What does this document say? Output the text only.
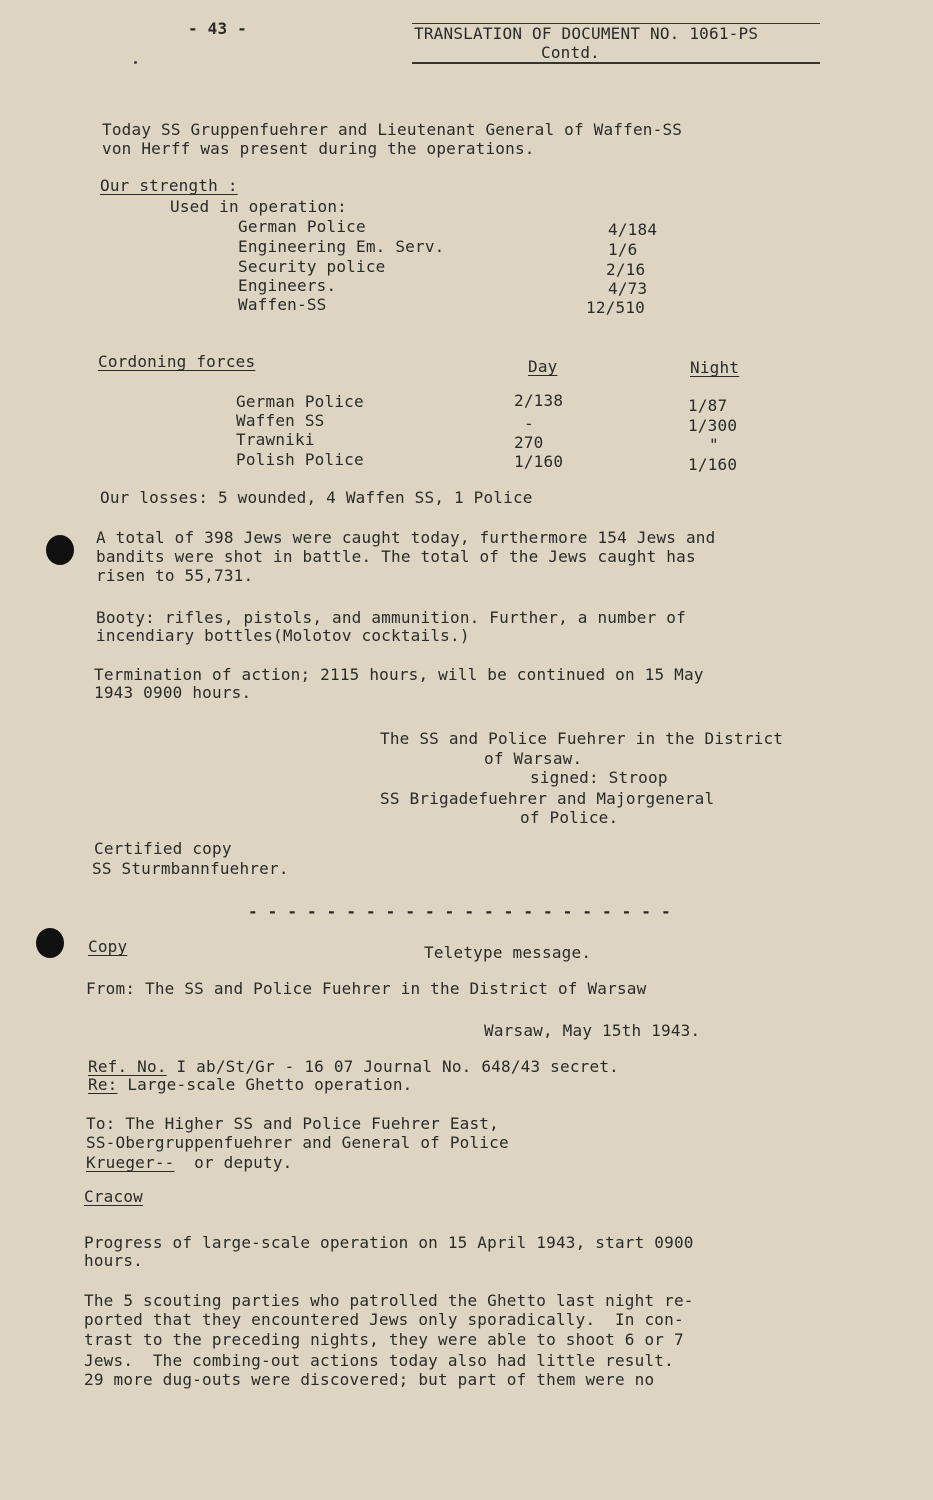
- 43 -	TRANSLATION OF DOCUMENT NO. 1061-PS
Contd.
Today SS Gruppenfuehrer and Lieutenant General of Waffen-SS
von Herff was present during the operations.
Our strength :
Used in operation:
German Police	4/184
Engineering Em. Serv.	1/6
Security police	2/16
Engineers.	4/73
Waffen-SS	12/510
Cordoning forces	Day	Night
German Police	2/138	1/87
Waffen SS	-	1/300
Trawniki	270	"
Polish Police	1/160	1/160
Our losses: 5 wounded, 4 Waffen SS, 1 Police
A total of 398 Jews were caught today, furthermore 154 Jews and
bandits were shot in battle. The total of the Jews caught has
risen to 55,731.
Booty: rifles, pistols, and ammunition. Further, a number of
incendiary bottles(Molotov cocktails.)
Termination of action; 2115 hours, will be continued on 15 May
1943 0900 hours.
The SS and Police Fuehrer in the District
of Warsaw.
signed: Stroop
SS Brigadefuehrer and Majorgeneral
of Police.
Certified copy
SS Sturmbannfuehrer.
- - - - - - - - - - - - - - - - - - - - - -
Copy	Teletype message.
From: The SS and Police Fuehrer in the District of Warsaw
Warsaw, May 15th 1943.
Ref. No. I ab/St/Gr - 16 07 Journal No. 648/43 secret.
Re: Large-scale Ghetto operation.
To: The Higher SS and Police Fuehrer East,
SS-Obergruppenfuehrer and General of Police
Krueger--  or deputy.
Cracow
Progress of large-scale operation on 15 April 1943, start 0900
hours.
The 5 scouting parties who patrolled the Ghetto last night re-
ported that they encountered Jews only sporadically.  In con-
trast to the preceding nights, they were able to shoot 6 or 7
Jews.  The combing-out actions today also had little result.
29 more dug-outs were discovered; but part of them were no
